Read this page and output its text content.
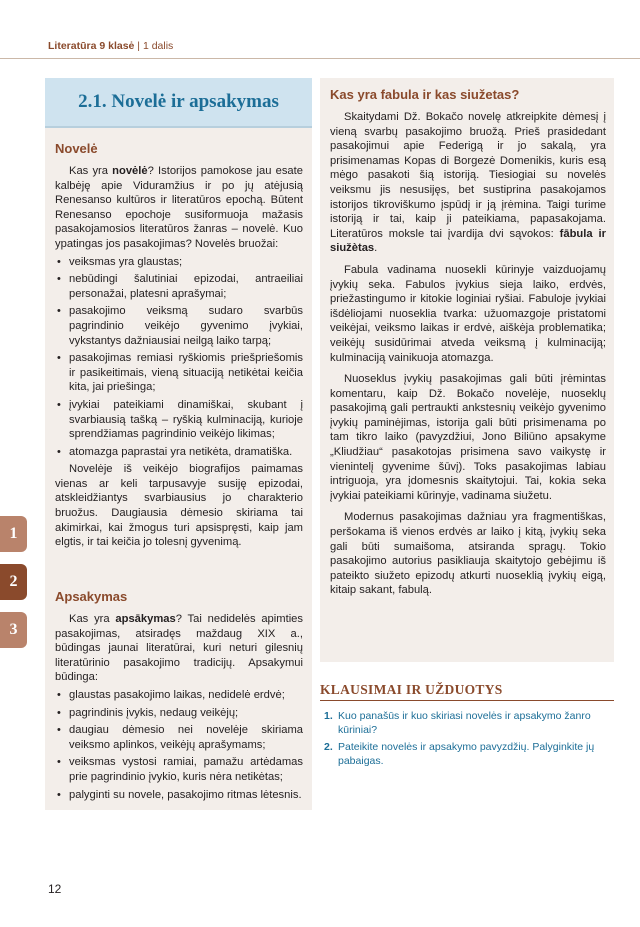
Literatūra 9 klasė | 1 dalis
2.1. Novelė ir apsakymas
Novelė

Kas yra novėlė? Istorijos pamokose jau esate kalbėję apie Viduramžius ir po jų atėjusią Renesanso kultūros ir literatūros epochą. Būtent Renesanso epochoje susiformuoja mažasis pasakojamosios literatūros žanras – novelė. Kuo ypatingas jos pasakojimas? Novelės bruožai:

• veiksmas yra glaustas;
• nebūdingi šalutiniai epizodai, antraeiliai personažai, platesni aprašymai;
• pasakojimo veiksmą sudaro svarbūs pagrindinio veikėjo gyvenimo įvykiai, vykstantys dažniausiai neilgą laiko tarpą;
• pasakojimas remiasi ryškiomis priešpriešomis ir pasikeitimais, vieną situaciją netikėtai keičia kita, jai priešinga;
• įvykiai pateikiami dinamiškai, skubant į svarbiausią tašką – ryškią kulminaciją, kurioje sprendžiamas pagrindinio veikėjo likimas;
• atomazga paprastai yra netikėta, dramatiška.

Novelėje iš veikėjo biografijos paimamas vienas ar keli tarpusavyje susiję epizodai, atskleidžiantys svarbiausius jo charakterio bruožus. Daugiausia dėmesio skiriama tai akimirkai, kai žmogus turi apsispręsti, kaip jam elgtis, ir tai keičia jo tolesnį gyvenimą.

Apsakymas

Kas yra apsākymas? Tai nedidelės apimties pasakojimas, atsiradęs maždaug XIX a., būdingas jaunai literatūrai, kuri neturi gilesnių literatūrinio pasakojimo tradicijų. Apsakymui būdinga:

• glaustas pasakojimo laikas, nedidelė erdvė;
• pagrindinis įvykis, nedaug veikėjų;
• daugiau dėmesio nei novelėje skiriama veiksmo aplinkos, veikėjų aprašymams;
• veiksmas vystosi ramiai, pamažu artėdamas prie pagrindinio įvykio, kuris nėra netikėtas;
• palyginti su novele, pasakojimo ritmas lėtesnis.
Kas yra fabula ir kas siužetas?

Skaitydami Dž. Bokačo novelę atkreipkite dėmesį į vieną svarbų pasakojimo bruožą. Prieš prasidedant pasakojimui apie Federigą ir jo sakalą, yra prisimenamas Kopas di Borgezė Domenikis, kuris esą mėgo pasakoti šią istoriją. Tiesiogiai su novelės veiksmu jis nesusijęs, bet sustiprina pasakojamos istorijos tikroviškumo įspūdį ir ją įrėmina. Taigi turime istoriją ir tai, kaip ji pateikiama, papasakojama. Literatūros moksle tai įvardija dvi sąvokos: fābula ir siužètas.

Fabula vadinama nuosekli kūrinyje vaizduojamų įvykių seka. Fabulos įvykius sieja laiko, erdvės, priežastingumo ir kitokie loginiai ryšiai. Fabuloje įvykiai išdėliojami nuoseklia tvarka: užuomazgoje pristatomi veikėjai, veiksmo laikas ir erdvė, aiškėja problematika; veikėjų susidūrimai atveda veiksmą į kulminaciją; kulminaciją vainikuoja atomazga.

Nuoseklus įvykių pasakojimas gali būti įrėmintas komentaru, kaip Dž. Bokačo novelėje, nuoseklų pasakojimą gali pertraukti ankstesnių veikėjo gyvenimo įvykių paminėjimas, istorija gali būti prisimenama po tam tikro laiko (pavyzdžiui, Jono Biliūno apsakyme „Kliudžiau“ pasakotojas prisimena savo vaikystę ir vienintelį gyvenime šūvį). Toks pasakojimas labiau intriguoja, yra įdomesnis skaitytojui. Tai, kokia seka įvykiai pateikiami kūrinyje, vadinama siužetu.

Modernus pasakojimas dažniau yra fragmentiškas, peršokama iš vienos erdvės ar laiko į kitą, įvykių seka gali būti sumaišoma, atsiranda spragų. Tokio pasakojimo autorius pasikliauja skaitytojo gebėjimu iš pateikto siužeto epizodų atkurti nuoseklią įvykių eigą, kitaip sakant, fabulą.

KLAUSIMAI IR UŽDUOTYS
1. Kuo panašūs ir kuo skiriasi novelės ir apsakymo žanro kūriniai?
2. Pateikite novelės ir apsakymo pavyzdžių. Palyginkite jų pabaigas.
1
2
3
12
